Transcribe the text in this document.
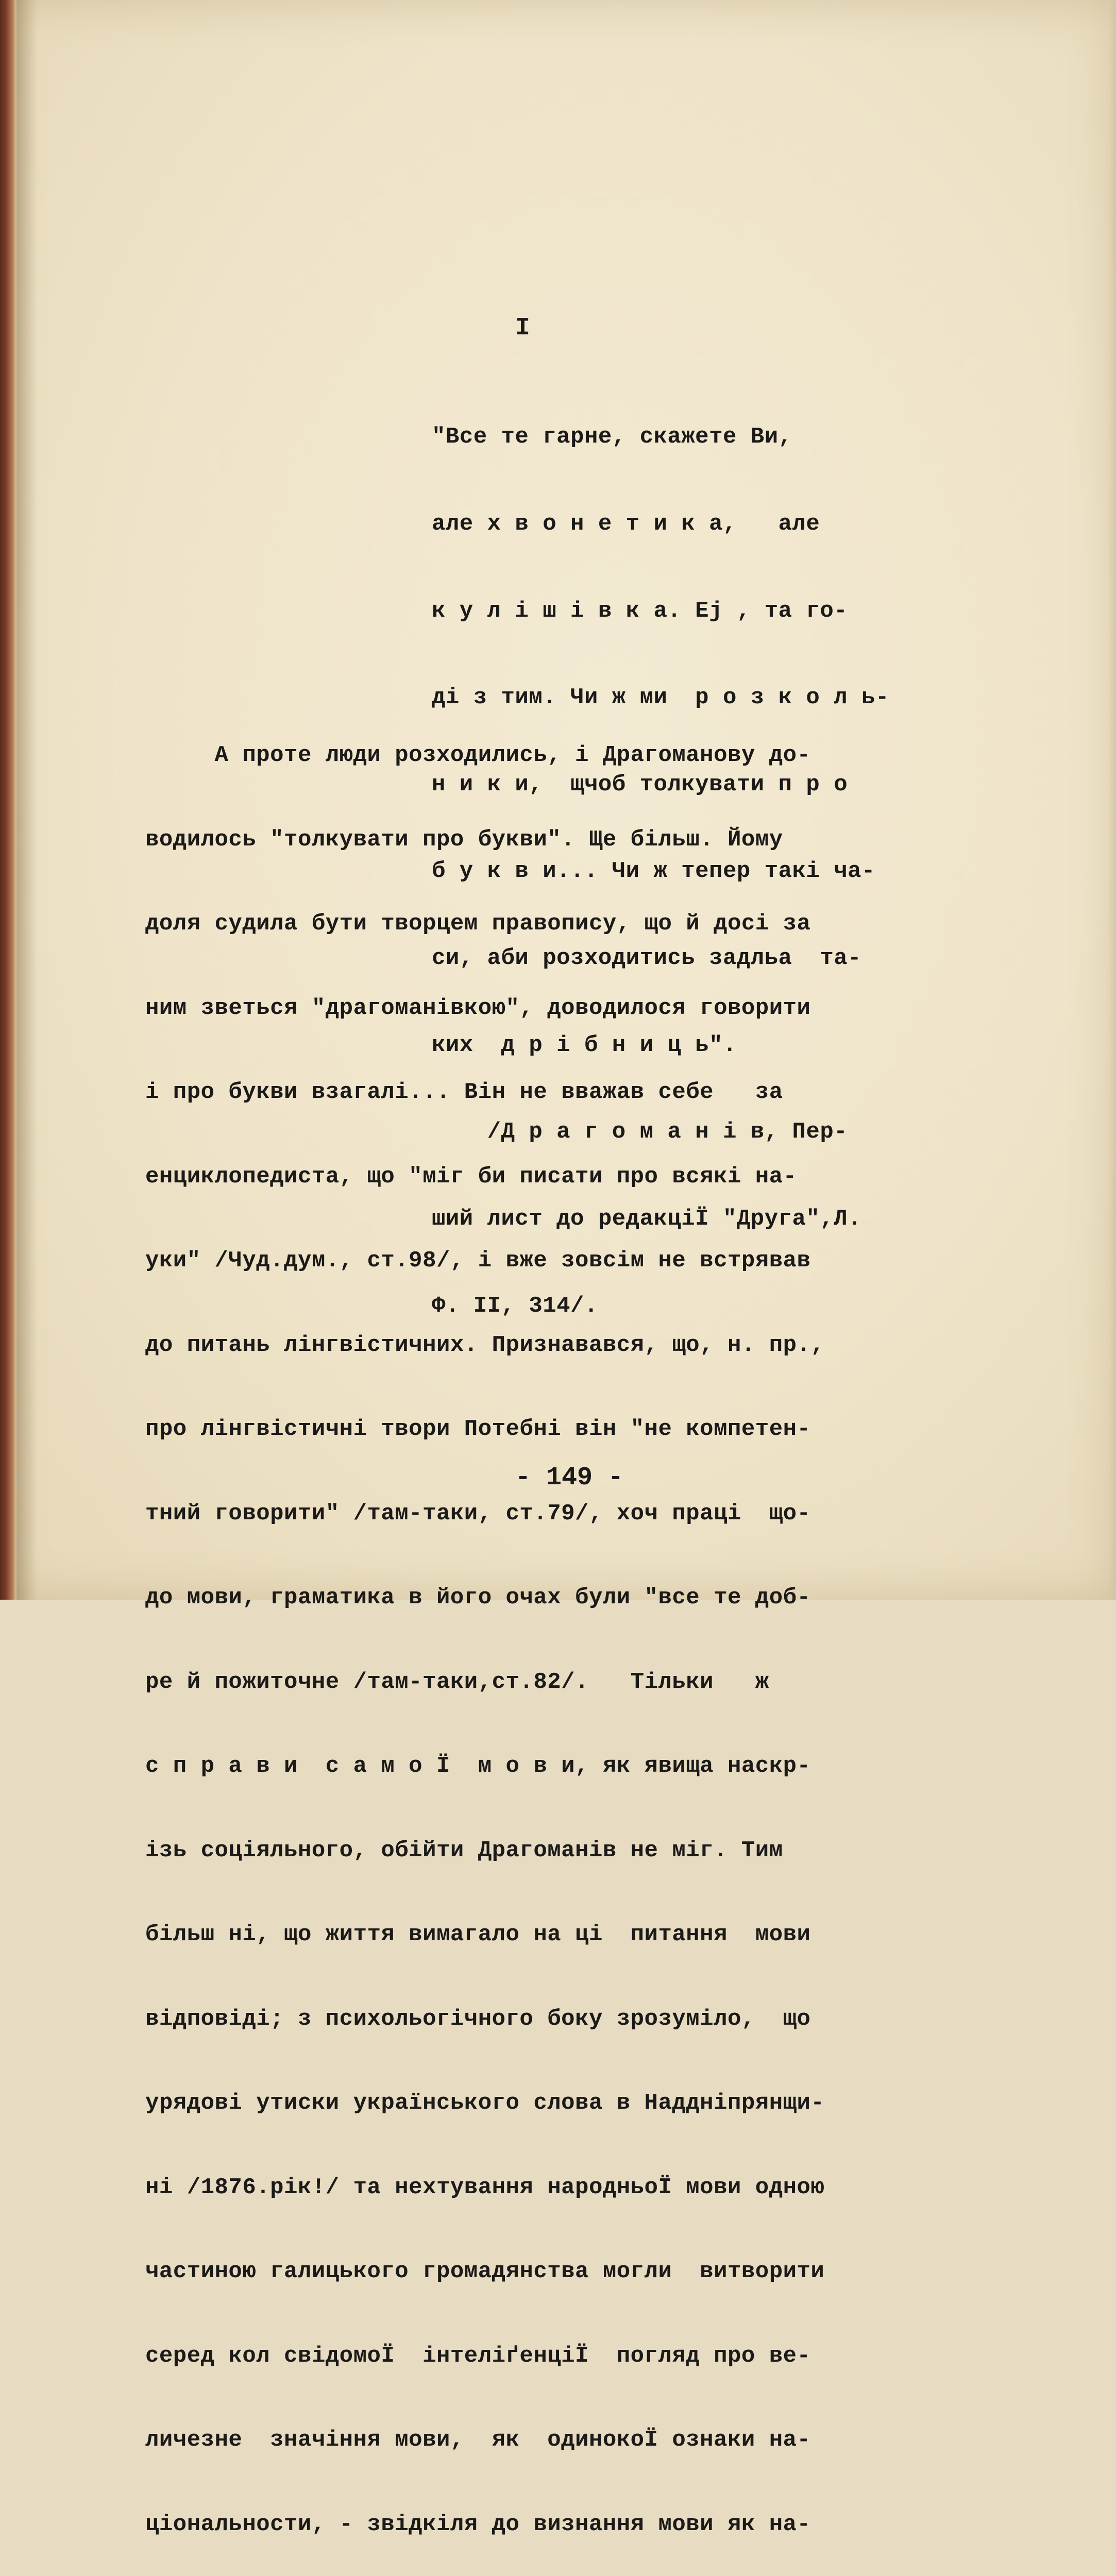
I

"Все те гарне, скажете Ви,

але х в о н е т и к а,   але

к у л і ш і в к а. Ej , та го-

ді з тим. Чи ж ми  р о з к о л ь-

н и к и,  щчоб толкувати п р о

б у к в и... Чи ж тепер такі ча-

си, аби розходитись задльа  та-

ких  д р і б н и ц ь".

/Д р а г о м а н і в, Пер-

ший лист до редакціÏ "Друга",Л.

Ф. II, 314/.

А проте люди розходились, і Драгоманову до-

водилось "толкувати про букви". Ще більш. Йому

доля судила бути творцем правопису, що й досі за

ним зветься "драгоманівкою", доводилося говорити

і про букви взагалі... Він не вважав себе   за

енциклопедиста, що "міг би писати про всякі на-

уки" /Чуд.дум., ст.98/, і вже зовсім не встрявав

до питань лінгвістичних. Признавався, що, н. пр.,

про лінгвістичні твори Потебні він "не компетен-

тний говорити" /там-таки, ст.79/, хоч праці  що-

до мови, граматика в його очах були "все те доб-

ре й пожиточне /там-таки,ст.82/.   Тільки   ж

с п р а в и  с а м о Ï  м о в и, як явища наскр-

ізь соціяльного, обійти Драгоманів не міг. Тим

більш ні, що життя вимагало на ці  питання  мови

відповіді; з психольогічного боку зрозуміло,  що

урядові утиски українського слова в Наддніпрянщи-

ні /1876.рік!/ та нехтування народньоÏ мови одною

частиною галицького громадянства могли  витворити

серед кол свідомоÏ  інтеліґенціÏ  погляд про ве-

личезне  значіння мови,  як  одинокоÏ ознаки на-

ціональности, - звідкіля до визнання мови як на-

- 149 -
